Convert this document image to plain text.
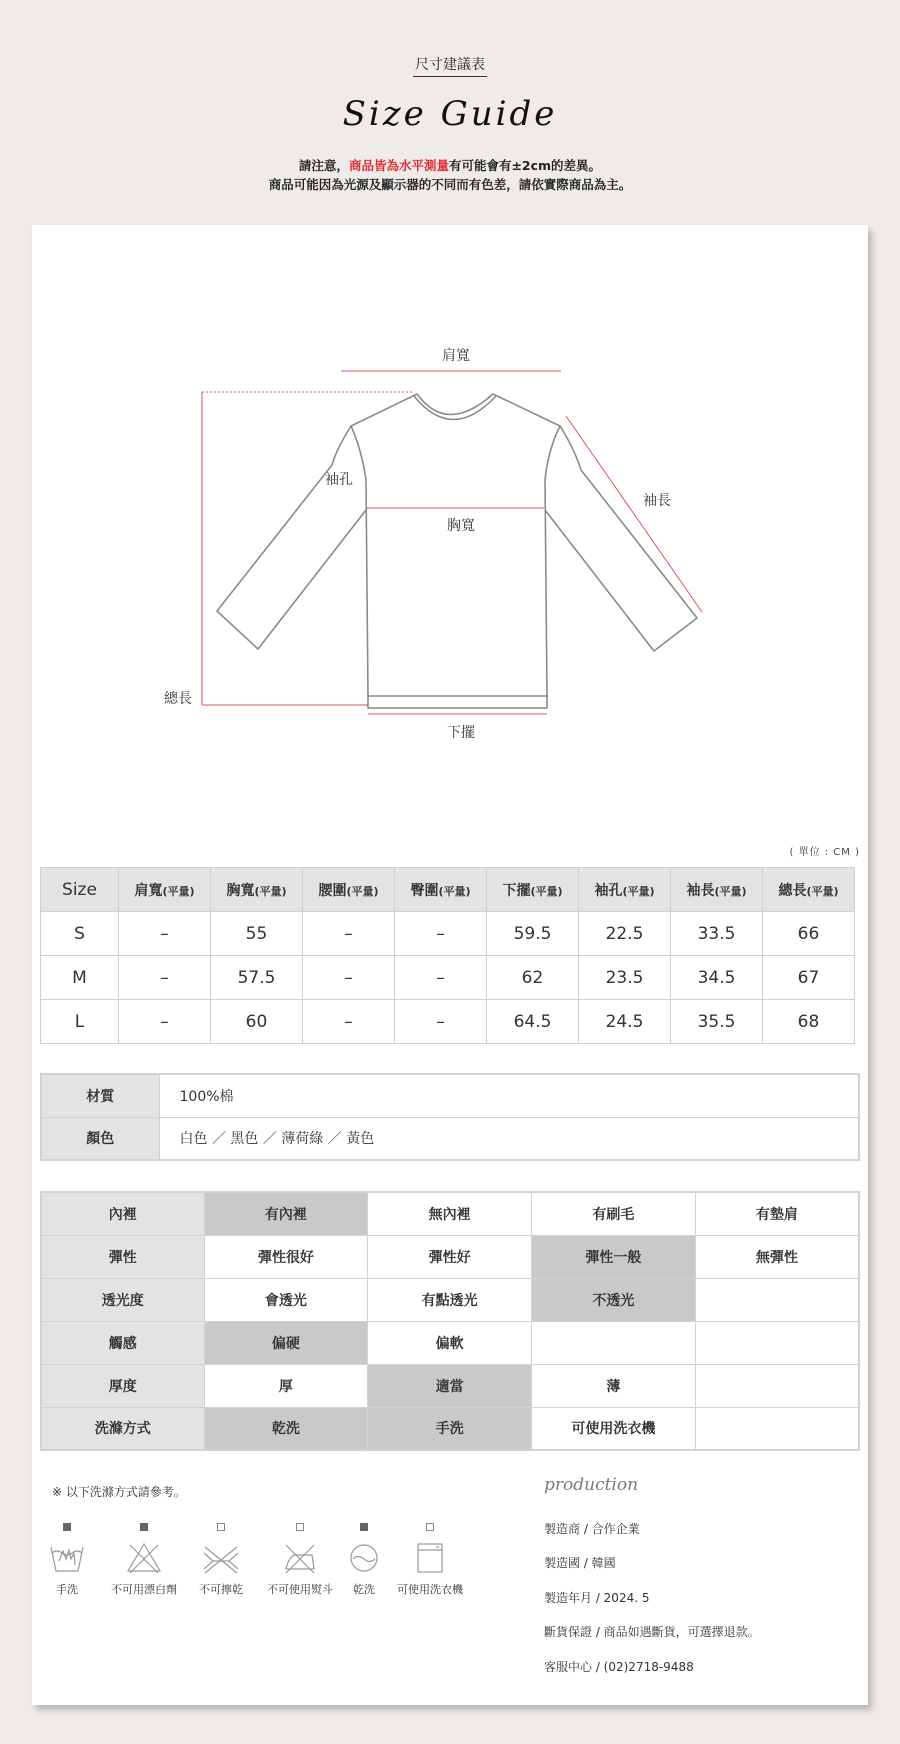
尺寸建議表
Size Guide
請注意，商品皆為水平測量有可能會有±2cm的差異。
商品可能因為光源及顯示器的不同而有色差，請依實際商品為主。
肩寬
袖孔
胸寬
袖長
總長
下擺
( 單位 : CM )
Size	肩寬(平量)	胸寬(平量)	腰圍(平量)	臀圍(平量)	下擺(平量)	袖孔(平量)	袖長(平量)	總長(平量)
S	–	55	–	–	59.5	22.5	33.5	66
M	–	57.5	–	–	62	23.5	34.5	67
L	–	60	–	–	64.5	24.5	35.5	68
材質	100%棉
顏色	白色 ／ 黑色 ／ 薄荷綠 ／ 黃色
內裡	有內裡	無內裡	有刷毛	有墊肩
彈性	彈性很好	彈性好	彈性一般	無彈性
透光度	會透光	有點透光	不透光	
觸感	偏硬	偏軟		
厚度	厚	適當	薄	
洗滌方式	乾洗	手洗	可使用洗衣機	
※ 以下洗滌方式請參考。
手洗	不可用漂白劑	不可擰乾	不可使用熨斗	乾洗	可使用洗衣機
production
製造商 / 合作企業
製造國 / 韓國
製造年月 / 2024. 5
斷貨保證 / 商品如遇斷貨，可選擇退款。
客服中心 / (02)2718-9488
